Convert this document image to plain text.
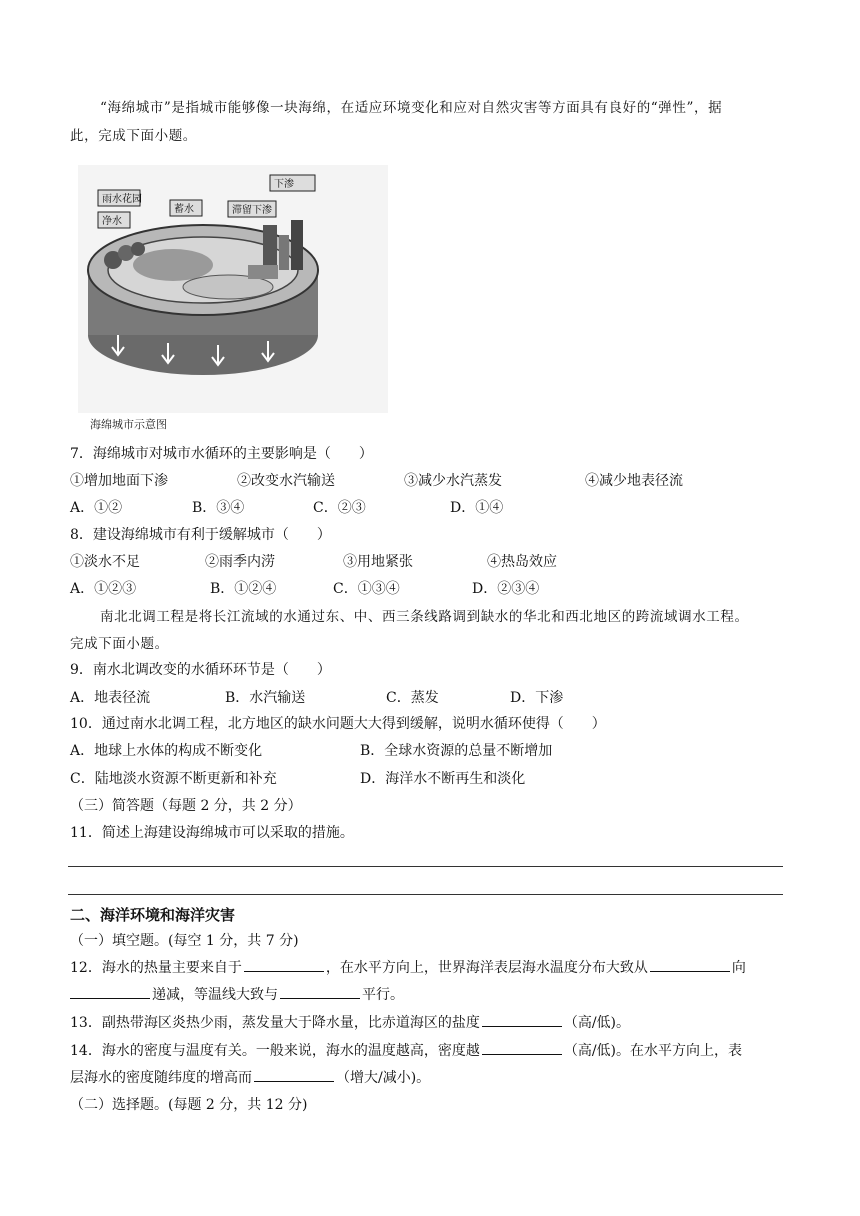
“海绵城市”是指城市能够像一块海绵，在适应环境变化和应对自然灾害等方面具有良好的“弹性”，据
此，完成下面小题。
雨水花园
净水
蓄水	滞留下渗
下渗
海绵城市示意图
7．海绵城市对城市水循环的主要影响是（　　）
①增加地面下渗	②改变水汽输送	③减少水汽蒸发	④减少地表径流
A．①②	B．③④	C．②③	D．①④
8．建设海绵城市有利于缓解城市（　　）
①淡水不足	②雨季内涝	③用地紧张	④热岛效应
A．①②③	B．①②④	C．①③④	D．②③④
南北北调工程是将长江流域的水通过东、中、西三条线路调到缺水的华北和西北地区的跨流域调水工程。
完成下面小题。
9．南水北调改变的水循环环节是（　　）
A．地表径流	B．水汽输送	C．蒸发	D．下渗
10．通过南水北调工程，北方地区的缺水问题大大得到缓解，说明水循环使得（　　）
A．地球上水体的构成不断变化	B．全球水资源的总量不断增加
C．陆地淡水资源不断更新和补充	D．海洋水不断再生和淡化
（三）简答题（每题 2 分，共 2 分）
11．简述上海建设海绵城市可以采取的措施。
二、海洋环境和海洋灾害
（一）填空题。(每空 1 分，共 7 分)
12．海水的热量主要来自于	，在水平方向上，世界海洋表层海水温度分布大致从	向
递减，等温线大致与	平行。
13．副热带海区炎热少雨，蒸发量大于降水量，比赤道海区的盐度	（高/低)。
14．海水的密度与温度有关。一般来说，海水的温度越高，密度越	（高/低)。在水平方向上，表
层海水的密度随纬度的增高而	（增大/减小)。
（二）选择题。(每题 2 分，共 12 分)
